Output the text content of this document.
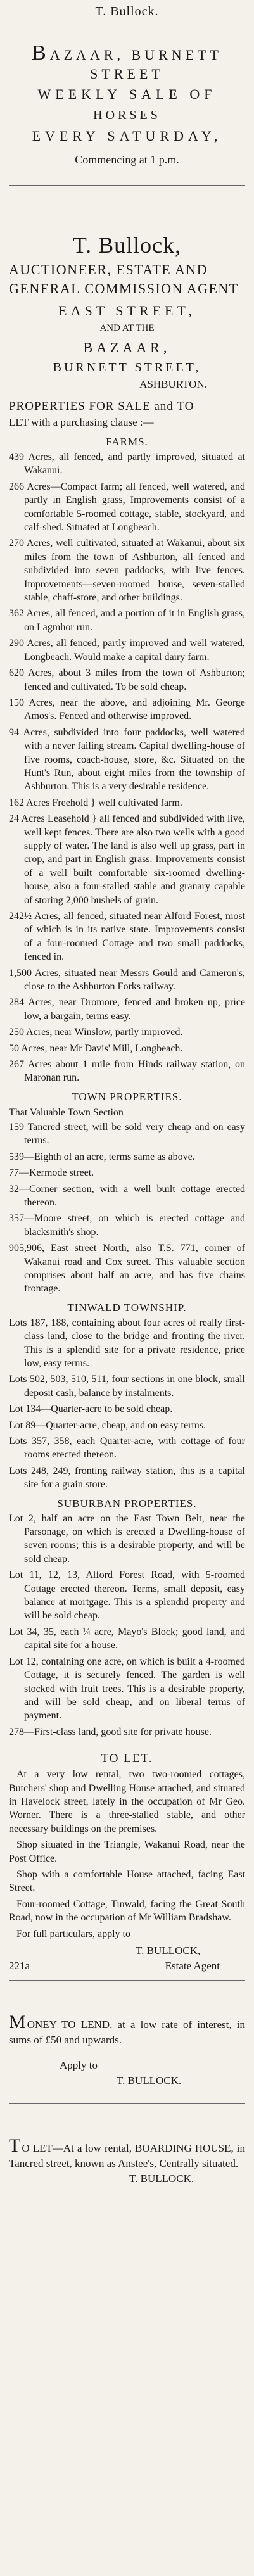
T. Bullock.
BAZAAR, BURNETT STREET
WEEKLY SALE OF
HORSES
EVERY SATURDAY,
Commencing at 1 p.m.
T. Bullock,
AUCTIONEER, ESTATE AND
GENERAL COMMISSION AGENT
EAST STREET,
AND AT THE
BAZAAR,
BURNETT STREET,
ASHBURTON.
PROPERTIES FOR SALE and TO
LET with a purchasing clause :—
FARMS.

439 Acres, all fenced, and partly improved, situated at Wakanui.

266 Acres—Compact farm; all fenced, well watered, and partly in English grass, Improvements consist of a comfortable 5-roomed cottage, stable, stockyard, and calf-shed. Situated at Longbeach.

270 Acres, well cultivated, situated at Wakanui, about six miles from the town of Ashburton, all fenced and subdivided into seven paddocks, with live fences. Improvements—seven-roomed house, seven-stalled stable, chaff-store, and other buildings.

362 Acres, all fenced, and a portion of it in English grass, on Lagmhor run.

290 Acres, all fenced, partly improved and well watered, Longbeach. Would make a capital dairy farm.

620 Acres, about 3 miles from the town of Ashburton; fenced and cultivated. To be sold cheap.

150 Acres, near the above, and adjoining Mr. George Amos's. Fenced and otherwise improved.

94 Acres, subdivided into four paddocks, well watered with a never failing stream. Capital dwelling-house of five rooms, coach-house, store, &c. Situated on the Hunt's Run, about eight miles from the township of Ashburton. This is a very desirable residence.

162 Acres Freehold } well cultivated farm.

24 Acres Leasehold } all fenced and subdivided with live, well kept fences. There are also two wells with a good supply of water. The land is also well up grass, part in crop, and part in English grass. Improvements consist of a well built comfortable six-roomed dwelling-house, also a four-stalled stable and granary capable of storing 2,000 bushels of grain.

242½ Acres, all fenced, situated near Alford Forest, most of which is in its native state. Improvements consist of a four-roomed Cottage and two small paddocks, fenced in.

1,500 Acres, situated near Messrs Gould and Cameron's, close to the Ashburton Forks railway.

284 Acres, near Dromore, fenced and broken up, price low, a bargain, terms easy.

250 Acres, near Winslow, partly improved.

50 Acres, near Mr Davis' Mill, Longbeach.

267 Acres about 1 mile from Hinds railway station, on Maronan run.

TOWN PROPERTIES.
That Valuable Town Section

159 Tancred street, will be sold very cheap and on easy terms.

539—Eighth of an acre, terms same as above.

77—Kermode street.

32—Corner section, with a well built cottage erected thereon.

357—Moore street, on which is erected cottage and blacksmith's shop.

905,906, East street North, also T.S. 771, corner of Wakanui road and Cox street. This valuable section comprises about half an acre, and has five chains frontage.

TINWALD TOWNSHIP.

Lots 187, 188, containing about four acres of really first-class land, close to the bridge and fronting the river. This is a splendid site for a private residence, price low, easy terms.

Lots 502, 503, 510, 511, four sections in one block, small deposit cash, balance by instalments.

Lot 134—Quarter-acre to be sold cheap.

Lot 89—Quarter-acre, cheap, and on easy terms.

Lots 357, 358, each Quarter-acre, with cottage of four rooms erected thereon.

Lots 248, 249, fronting railway station, this is a capital site for a grain store.

SUBURBAN PROPERTIES.

Lot 2, half an acre on the East Town Belt, near the Parsonage, on which is erected a Dwelling-house of seven rooms; this is a desirable property, and will be sold cheap.

Lot 11, 12, 13, Alford Forest Road, with 5-roomed Cottage erected thereon. Terms, small deposit, easy balance at mortgage. This is a splendid property and will be sold cheap.

Lot 34, 35, each ¼ acre, Mayo's Block; good land, and capital site for a house.

Lot 12, containing one acre, on which is built a 4-roomed Cottage, it is securely fenced. The garden is well stocked with fruit trees. This is a desirable property, and will be sold cheap, and on liberal terms of payment.

278—First-class land, good site for private house.

TO LET.

At a very low rental, two two-roomed cottages, Butchers' shop and Dwelling House attached, and situated in Havelock street, lately in the occupation of Mr Geo. Worner. There is a three-stalled stable, and other necessary buildings on the premises.

Shop situated in the Triangle, Wakanui Road, near the Post Office.

Shop with a comfortable House attached, facing East Street.

Four-roomed Cottage, Tinwald, facing the Great South Road, now in the occupation of Mr William Bradshaw.

For full particulars, apply to

T. BULLOCK,
221a	Estate Agent
MONEY TO LEND, at a low rate of interest, in sums of £50 and upwards.
Apply to
T. BULLOCK.
TO LET—At a low rental, BOARDING HOUSE, in Tancred street, known as Anstee's, Centrally situated.
T. BULLOCK.
